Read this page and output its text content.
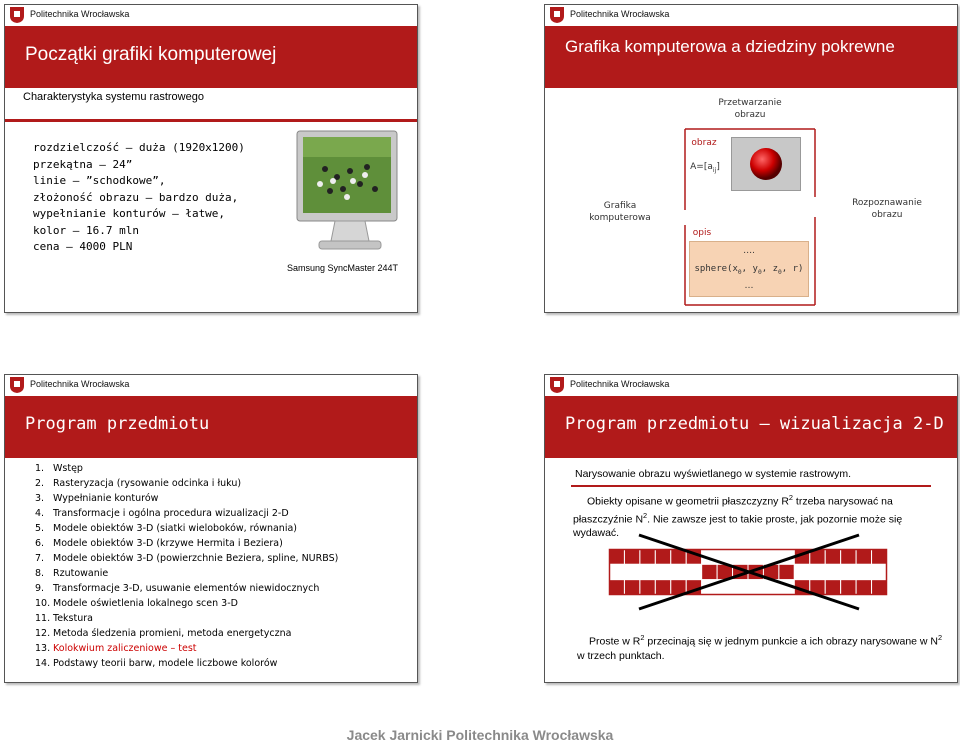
Politechnika Wrocławska
Początki grafiki komputerowej
Charakterystyka systemu rastrowego
rozdzielczość – duża (1920x1200)
przekątna – 24”
linie – ”schodkowe”,
złożoność obrazu – bardzo duża,
wypełnianie konturów – łatwe,
kolor – 16.7 mln
cena – 4000 PLN
Samsung SyncMaster 244T
Politechnika Wrocławska
Grafika komputerowa a dziedziny pokrewne
Przetwarzanie
obrazu
obraz
$A=[a_{ij}]$
Grafika
komputerowa
Rozpoznawanie
obrazu
opis
….
$sphere(x_0$, $y_0$, $z_0$, r)
…
Politechnika Wrocławska
Program przedmiotu
1. Wstęp
2. Rasteryzacja (rysowanie odcinka i łuku)
3. Wypełnianie konturów
4. Transformacje i ogólna procedura wizualizacji 2-D
5. Modele obiektów 3-D (siatki wieloboków, równania)
6. Modele obiektów 3-D (krzywe Hermita i Beziera)
7. Modele obiektów 3-D (powierzchnie Beziera, spline, NURBS)
8. Rzutowanie
9. Transformacje 3-D, usuwanie elementów niewidocznych
10. Modele oświetlenia lokalnego scen 3-D
11. Tekstura
12. Metoda śledzenia promieni, metoda energetyczna
13. Kolokwium zaliczeniowe – test
14. Podstawy teorii barw, modele liczbowe kolorów
Politechnika Wrocławska
Program przedmiotu – wizualizacja 2-D
Narysowanie obrazu wyświetlanego w systemie rastrowym.
Obiekty opisane w geometrii płaszczyzny $R^2$ trzeba narysować na płaszczyźnie $N^2$. Nie zawsze jest to takie proste, jak pozornie może się wydawać.
Proste w $R^2$ przecinają się w jednym punkcie a ich obrazy narysowane w $N^2$ w trzech punktach.
Jacek Jarnicki Politechnika Wrocławska
